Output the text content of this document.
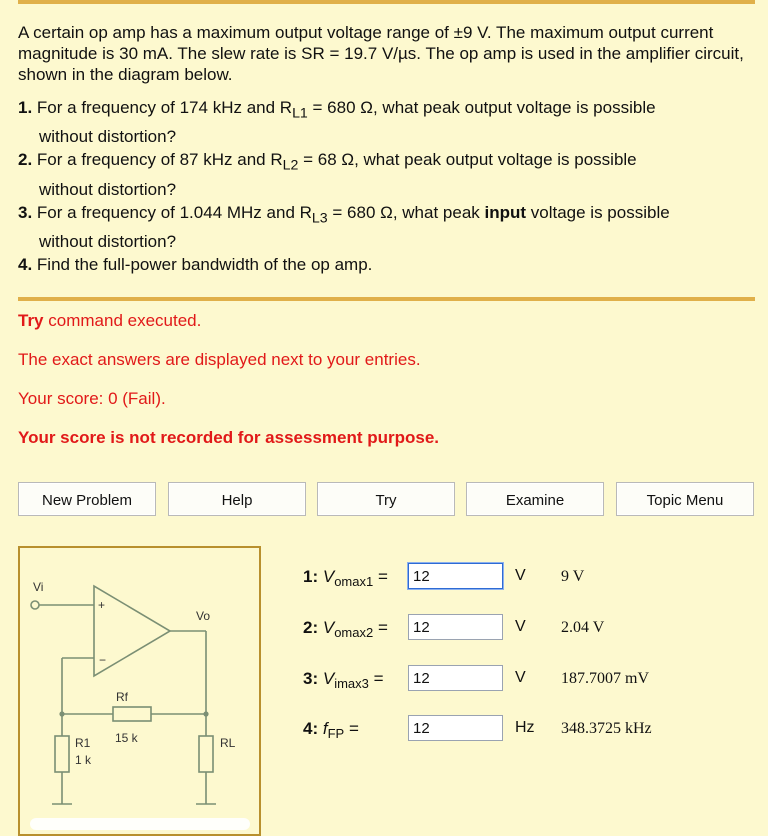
A certain op amp has a maximum output voltage range of ±9 V. The maximum output current magnitude is 30 mA. The slew rate is SR = 19.7 V/µs. The op amp is used in the amplifier circuit, shown in the diagram below.

1. For a frequency of 174 kHz and $R_{L1} = 680$ Ω, what peak output voltage is possible
without distortion?
2. For a frequency of 87 kHz and $R_{L2} = 68$ Ω, what peak output voltage is possible
without distortion?
3. For a frequency of 1.044 MHz and $R_{L3} = 680$ Ω, what peak input voltage is possible
without distortion?
4. Find the full-power bandwidth of the op amp.
Try command executed.
The exact answers are displayed next to your entries.
Your score: 0 (Fail).
Your score is not recorded for assessment purpose.
New Problem	Help	Try	Examine	Topic Menu
Vi
+
−
Vo
Rf
15 k
R1
1 k
RL
1: $V_{omax1}$ =
12	V 9 V
2: $V_{omax2}$ =
12	V 2.04 V
3: $V_{imax3}$ =
12	V 187.7007 mV
4: $f_{FP}$ =
12	Hz 348.3725 kHz
